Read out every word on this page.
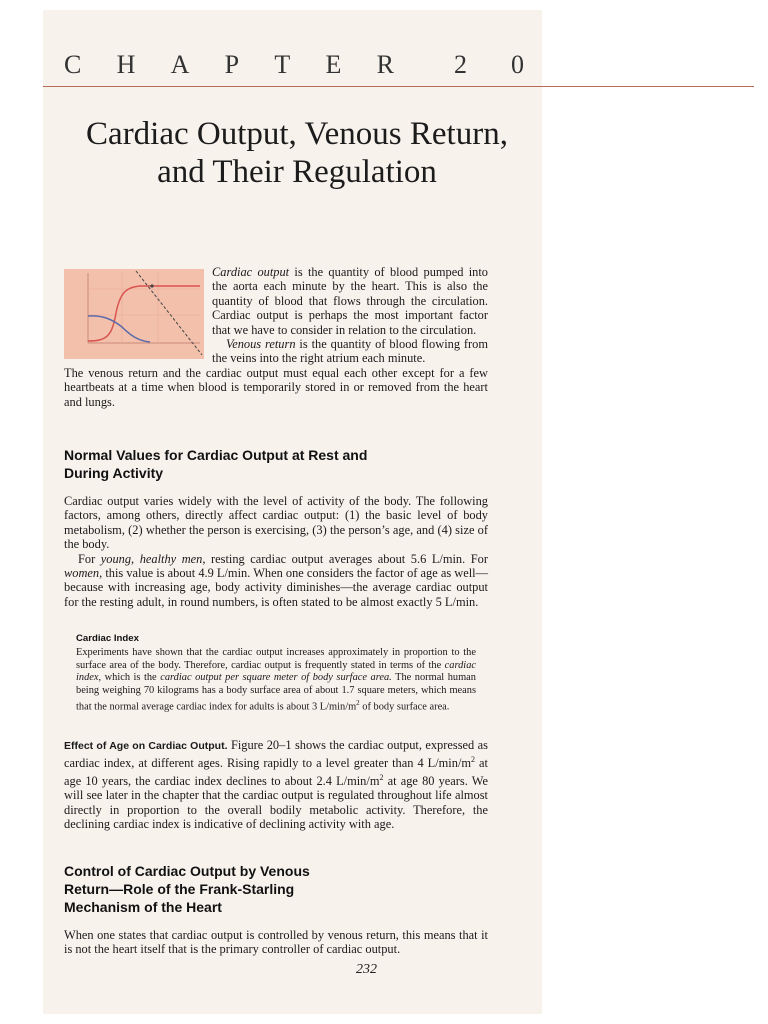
C H A P T E R 2 0
Cardiac Output, Venous Return,
and Their Regulation

Cardiac output is the quantity of blood pumped into the aorta each minute by the heart. This is also the quantity of blood that flows through the circulation. Cardiac output is perhaps the most important factor that we have to consider in relation to the circulation.

Venous return is the quantity of blood flowing from the veins into the right atrium each minute.

The venous return and the cardiac output must equal each other except for a few heartbeats at a time when blood is temporarily stored in or removed from the heart and lungs.

Normal Values for Cardiac Output at Rest and
During Activity

Cardiac output varies widely with the level of activity of the body. The following factors, among others, directly affect cardiac output: (1) the basic level of body metabolism, (2) whether the person is exercising, (3) the person’s age, and (4) size of the body.

For young, healthy men, resting cardiac output averages about 5.6 L/min. For women, this value is about 4.9 L/min. When one considers the factor of age as well—because with increasing age, body activity diminishes—the average cardiac output for the resting adult, in round numbers, is often stated to be almost exactly 5 L/min.

Cardiac Index

Experiments have shown that the cardiac output increases approximately in proportion to the surface area of the body. Therefore, cardiac output is frequently stated in terms of the cardiac index, which is the cardiac output per square meter of body surface area. The normal human being weighing 70 kilograms has a body surface area of about 1.7 square meters, which means that the normal average cardiac index for adults is about 3 $L/\min/m^2$ of body surface area.

Effect of Age on Cardiac Output. Figure 20–1 shows the cardiac output, expressed as cardiac index, at different ages. Rising rapidly to a level greater than 4 $L/\min/m^2$ at age 10 years, the cardiac index declines to about 2.4 $L/\min/m^2$ at age 80 years. We will see later in the chapter that the cardiac output is regulated throughout life almost directly in proportion to the overall bodily metabolic activity. Therefore, the declining cardiac index is indicative of declining activity with age.

Control of Cardiac Output by Venous
Return—Role of the Frank-Starling
Mechanism of the Heart

When one states that cardiac output is controlled by venous return, this means that it is not the heart itself that is the primary controller of cardiac output.

232
